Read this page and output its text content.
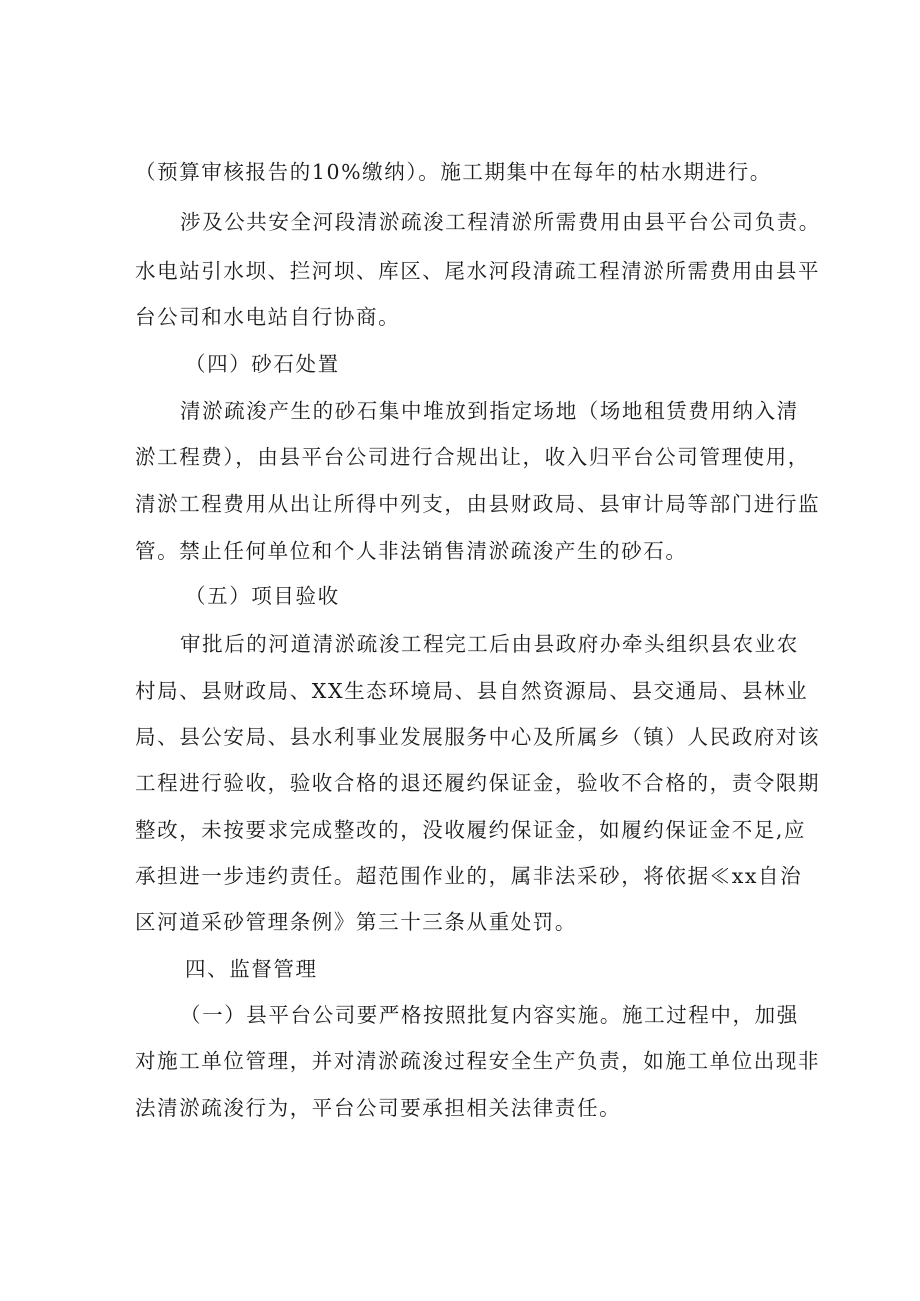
（预算审核报告的10%缴纳）。施工期集中在每年的枯水期进行。
涉及公共安全河段清淤疏浚工程清淤所需费用由县平台公司负责。
水电站引水坝、拦河坝、库区、尾水河段清疏工程清淤所需费用由县平
台公司和水电站自行协商。
（四）砂石处置
清淤疏浚产生的砂石集中堆放到指定场地（场地租赁费用纳入清
淤工程费），由县平台公司进行合规出让，收入归平台公司管理使用，
清淤工程费用从出让所得中列支，由县财政局、县审计局等部门进行监
管。禁止任何单位和个人非法销售清淤疏浚产生的砂石。
（五）项目验收
审批后的河道清淤疏浚工程完工后由县政府办牵头组织县农业农
村局、县财政局、XX生态环境局、县自然资源局、县交通局、县林业
局、县公安局、县水利事业发展服务中心及所属乡（镇）人民政府对该
工程进行验收，验收合格的退还履约保证金，验收不合格的，责令限期
整改，未按要求完成整改的，没收履约保证金，如履约保证金不足,应
承担进一步违约责任。超范围作业的，属非法采砂，将依据≪xx自治
区河道采砂管理条例》第三十三条从重处罚。
四、监督管理
（一）县平台公司要严格按照批复内容实施。施工过程中，加强
对施工单位管理，并对清淤疏浚过程安全生产负责，如施工单位出现非
法清淤疏浚行为，平台公司要承担相关法律责任。
